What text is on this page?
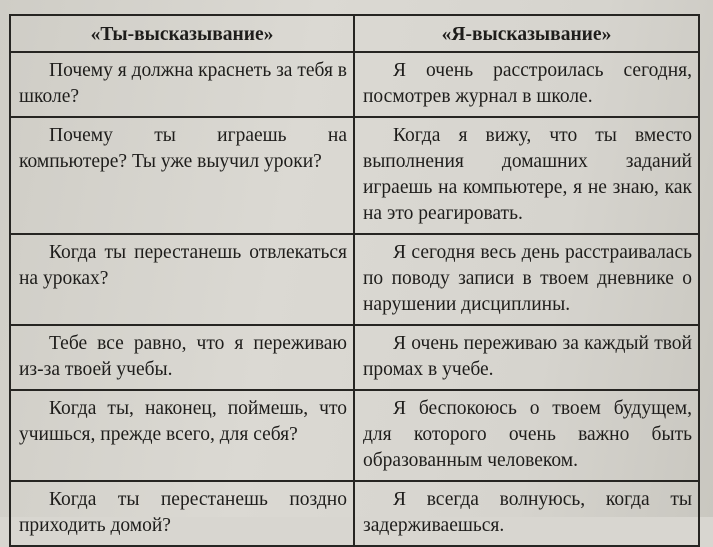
«Ты-высказывание»	«Я-высказывание»
Почему я должна краснеть за тебя в школе?	Я очень расстроилась сегодня, посмотрев журнал в школе.
Почему ты играешь на компьютере? Ты уже выучил уроки?	Когда я вижу, что ты вместо выполнения домашних заданий играешь на компьютере, я не знаю, как на это реагировать.
Когда ты перестанешь отвлекаться на уроках?	Я сегодня весь день расстраивалась по поводу записи в твоем дневнике о нарушении дисциплины.
Тебе все равно, что я переживаю из-за твоей учебы.	Я очень переживаю за каждый твой промах в учебе.
Когда ты, наконец, поймешь, что учишься, прежде всего, для себя?	Я беспокоюсь о твоем будущем, для которого очень важно быть образованным человеком.
Когда ты перестанешь поздно приходить домой?	Я всегда волнуюсь, когда ты задерживаешься.
